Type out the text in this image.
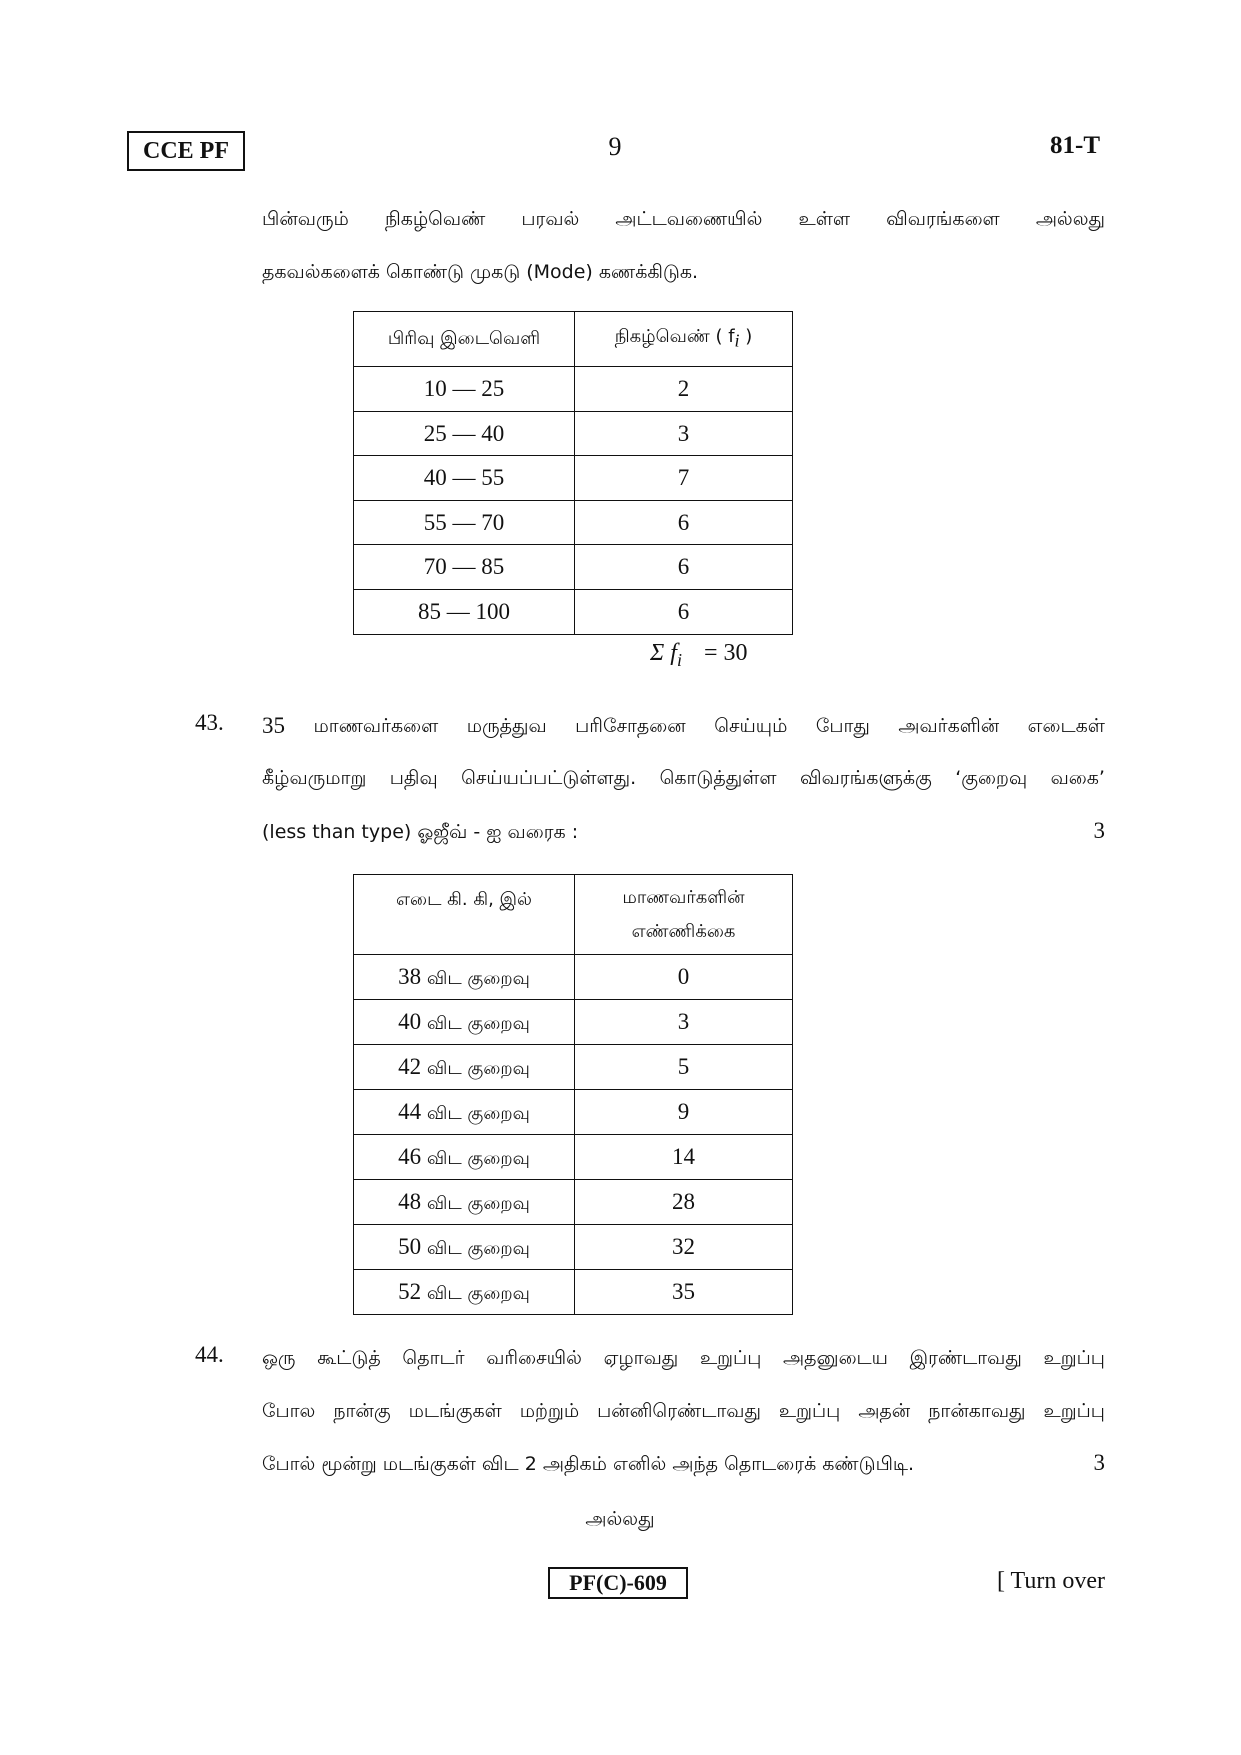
CCE PF	9	81-T
பின்வரும் நிகழ்வெண் பரவல் அட்டவணையில் உள்ள விவரங்களை அல்லது
தகவல்களைக் கொண்டு முகடு (Mode) கணக்கிடுக.
பிரிவு இடைவெளி	நிகழ்வெண் ( $f_i$ )
10 — 25	2
25 — 40	3
40 — 55	7
55 — 70	6
70 — 85	6
85 — 100	6
Σ $f_i = 30$
43. 35 மாணவர்களை மருத்துவ பரிசோதனை செய்யும் போது அவர்களின் எடைகள்
கீழ்வருமாறு பதிவு செய்யப்பட்டுள்ளது. கொடுத்துள்ள விவரங்களுக்கு ‘குறைவு வகை’
(less than type) ஓஜீவ் - ஐ வரைக :	3
எடை கி. கி, இல்	மாணவர்களின்
எண்ணிக்கை

38 விட குறைவு	0
40 விட குறைவு	3
42 விட குறைவு	5
44 விட குறைவு	9
46 விட குறைவு	14
48 விட குறைவு	28
50 விட குறைவு	32
52 விட குறைவு	35
44. ஒரு கூட்டுத் தொடர் வரிசையில் ஏழாவது உறுப்பு அதனுடைய இரண்டாவது உறுப்பு
போல நான்கு மடங்குகள் மற்றும் பன்னிரெண்டாவது உறுப்பு அதன் நான்காவது உறுப்பு
போல் மூன்று மடங்குகள் விட 2 அதிகம் எனில் அந்த தொடரைக் கண்டுபிடி.	3
அல்லது
PF(C)-609	[ Turn over
